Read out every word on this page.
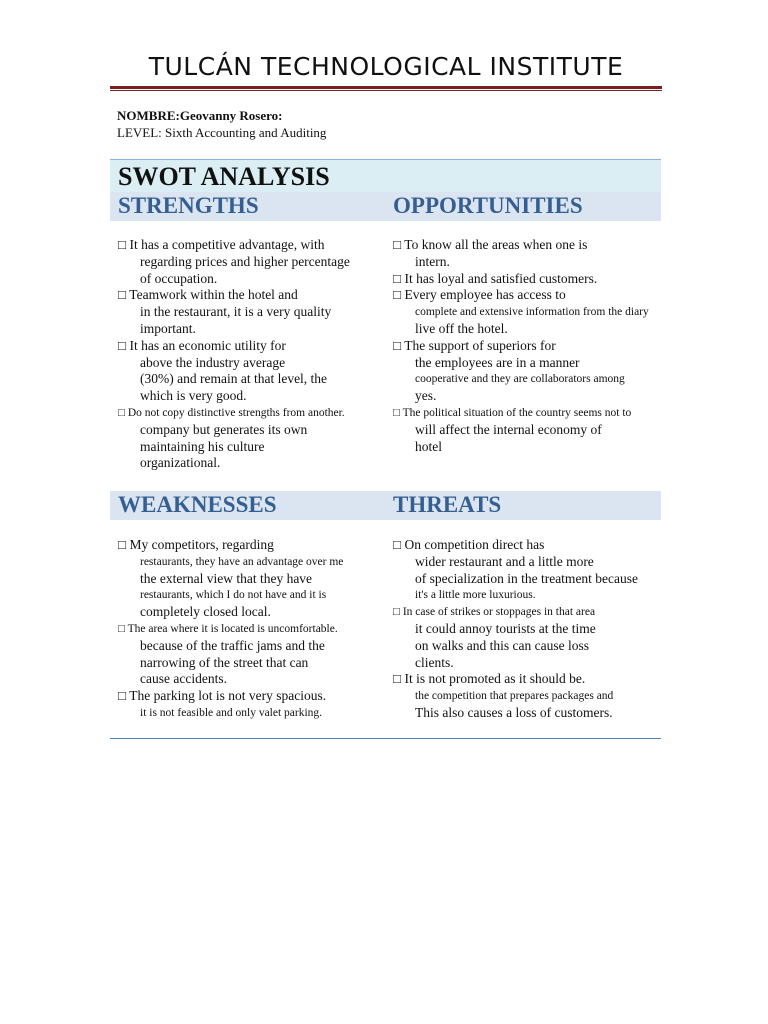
TULCÁN TECHNOLOGICAL INSTITUTE
NOMBRE:Geovanny Rosero:
LEVEL: Sixth Accounting and Auditing
SWOT ANALYSIS
STRENGTHS	OPPORTUNITIES

□ It has a competitive advantage, with

regarding prices and higher percentage

of occupation.

□ Teamwork within the hotel and

in the restaurant, it is a very quality

important.

□ It has an economic utility for

above the industry average

(30%) and remain at that level, the

which is very good.

□ Do not copy distinctive strengths from another.

company but generates its own

maintaining his culture

organizational.

□ To know all the areas when one is

intern.

□ It has loyal and satisfied customers.

□ Every employee has access to

complete and extensive information from the diary

live off the hotel.

□ The support of superiors for

the employees are in a manner

cooperative and they are collaborators among

yes.

□ The political situation of the country seems not to

will affect the internal economy of

hotel

WEAKNESSES	THREATS

□ My competitors, regarding

restaurants, they have an advantage over me

the external view that they have

restaurants, which I do not have and it is

completely closed local.

□ The area where it is located is uncomfortable.

because of the traffic jams and the

narrowing of the street that can

cause accidents.

□ The parking lot is not very spacious.

it is not feasible and only valet parking.

□ On competition direct has

wider restaurant and a little more

of specialization in the treatment because

it's a little more luxurious.

□ In case of strikes or stoppages in that area

it could annoy tourists at the time

on walks and this can cause loss

clients.

□ It is not promoted as it should be.

the competition that prepares packages and

This also causes a loss of customers.
